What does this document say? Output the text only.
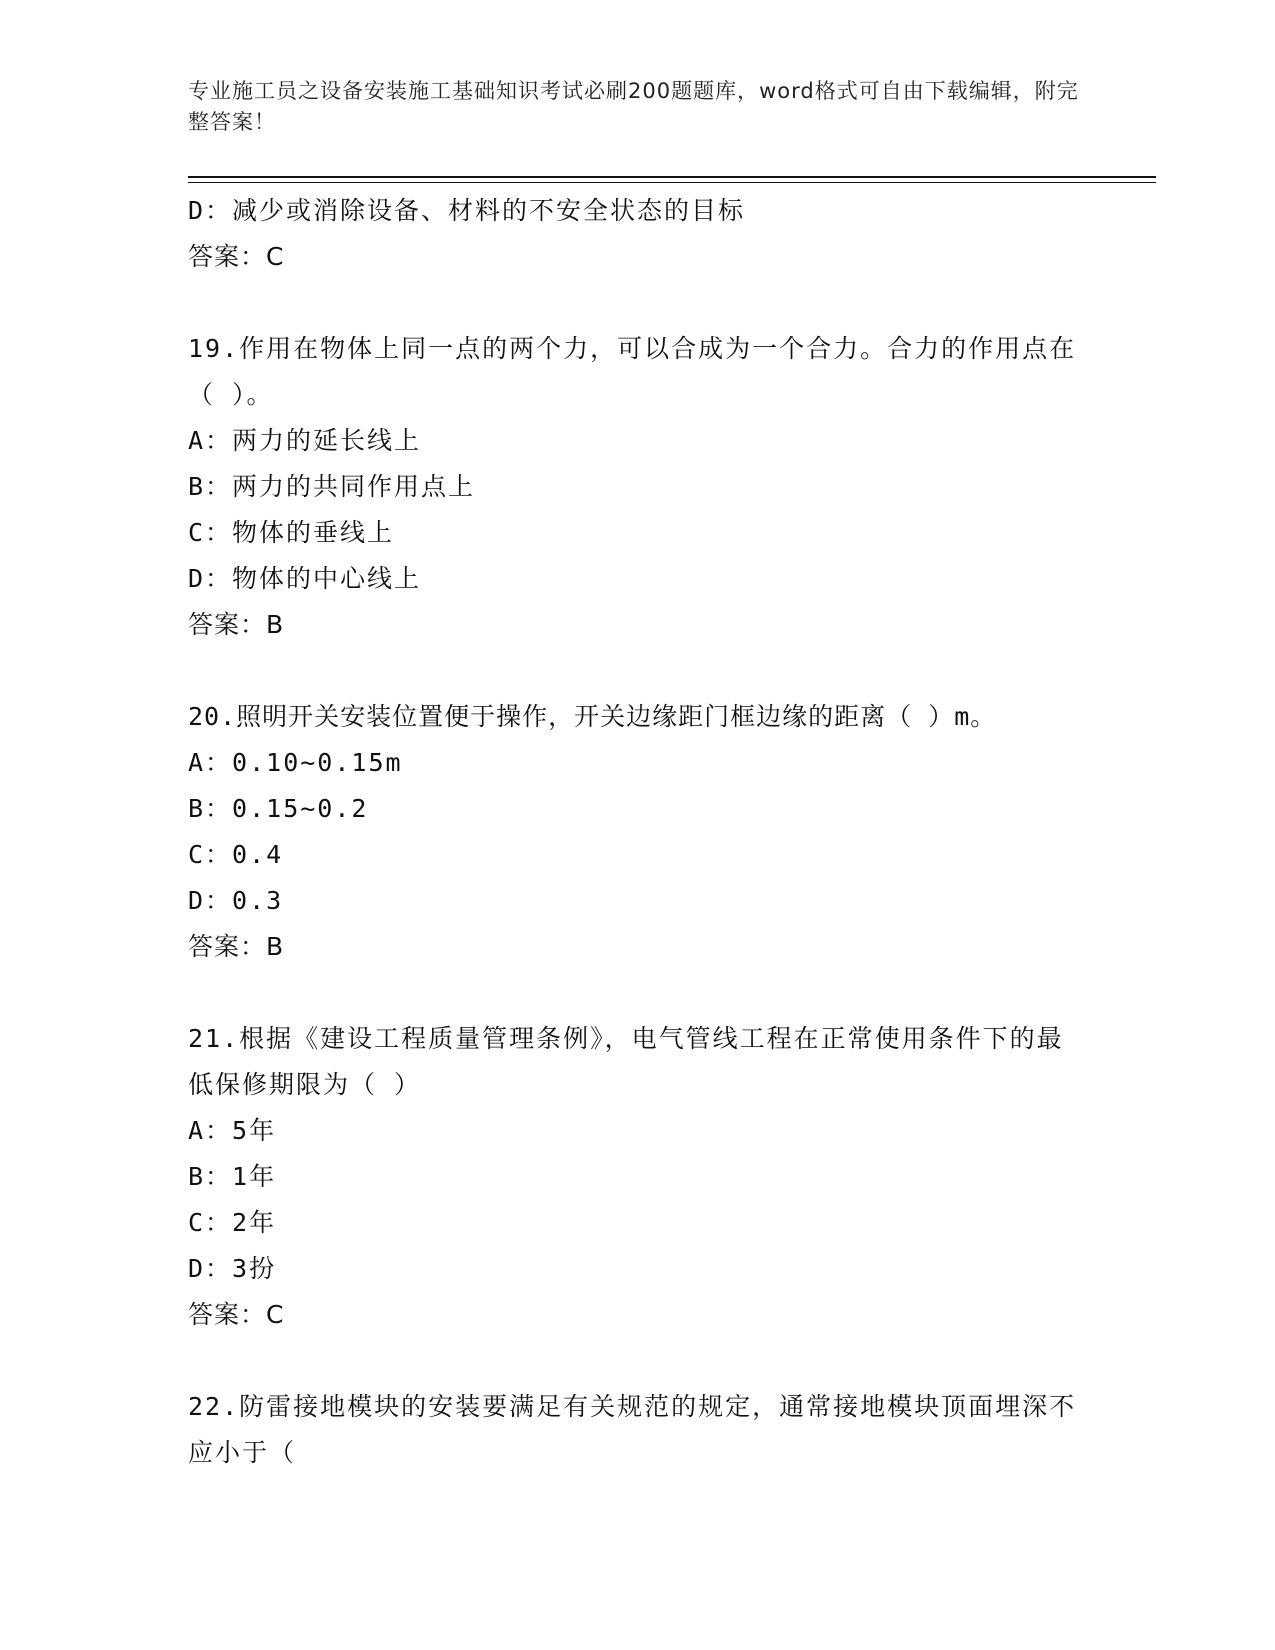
专业施工员之设备安装施工基础知识考试必刷200题题库，word格式可自由下载编辑，附完整答案！
D：减少或消除设备、材料的不安全状态的目标
答案：C
19.作用在物体上同一点的两个力，可以合成为一个合力。合力的作用点在（ ）。
A：两力的延长线上
B：两力的共同作用点上
C：物体的垂线上
D：物体的中心线上
答案：B
20.照明开关安装位置便于操作，开关边缘距门框边缘的距离（ ）m。
A：0.10~0.15m
B：0.15~0.2
C：0.4
D：0.3
答案：B
21.根据《建设工程质量管理条例》，电气管线工程在正常使用条件下的最低保修期限为（ ）
A：5年
B：1年
C：2年
D：3扮
答案：C
22.防雷接地模块的安装要满足有关规范的规定，通常接地模块顶面埋深不应小于（
